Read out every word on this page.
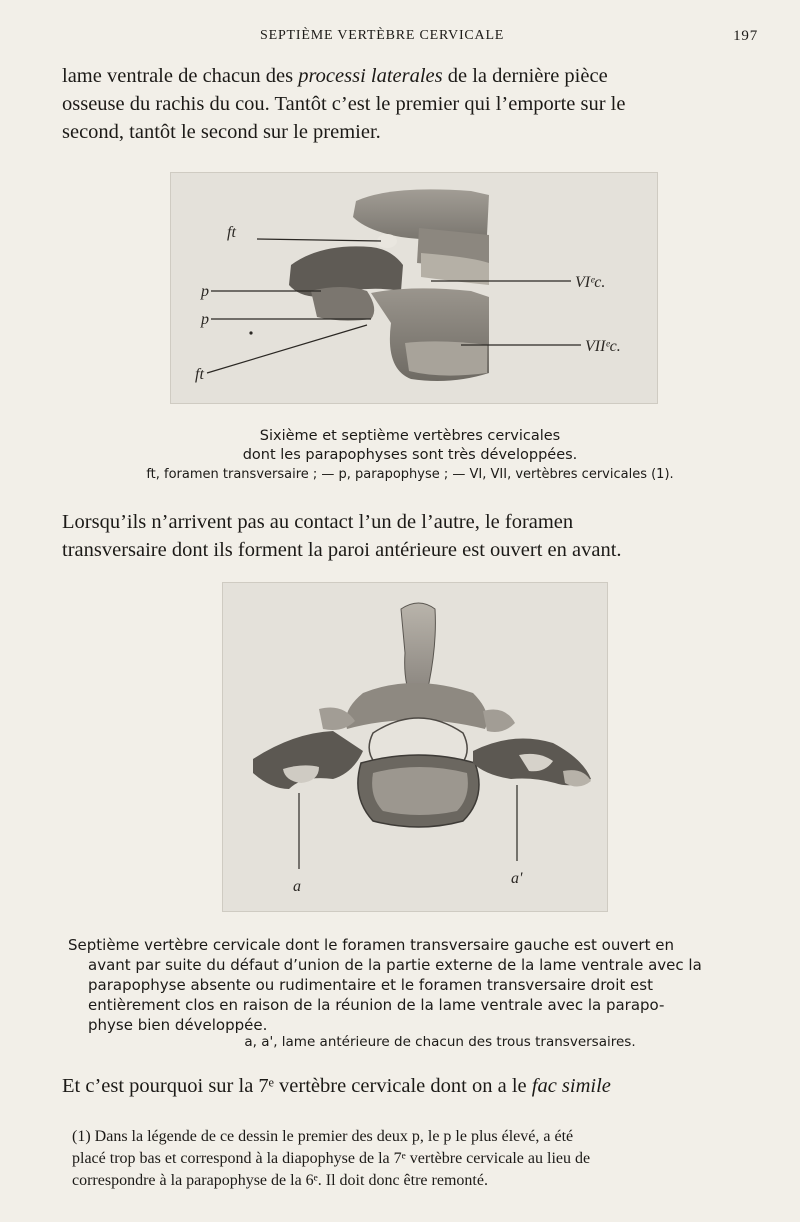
SEPTIÈME VERTÈBRE CERVICALE	197
lame ventrale de chacun des processi laterales de la dernière pièce
osseuse du rachis du cou. Tantôt c’est le premier qui l’emporte sur le
second, tantôt le second sur le premier.
ft
p
p
ft
VIᵉc.
VIIᵉc.
Sixième et septième vertèbres cervicales
dont les parapophyses sont très développées.
ft, foramen transversaire ; — p, parapophyse ; — VI, VII, vertèbres cervicales (1).
Lorsqu’ils n’arrivent pas au contact l’un de l’autre, le foramen
transversaire dont ils forment la paroi antérieure est ouvert en avant.
a	a'
Septième vertèbre cervicale dont le foramen transversaire gauche est ouvert en
avant par suite du défaut d’union de la partie externe de la lame ventrale avec la
parapophyse absente ou rudimentaire et le foramen transversaire droit est
entièrement clos en raison de la réunion de la lame ventrale avec la parapo-
physe bien développée.
a, a', lame antérieure de chacun des trous transversaires.
Et c’est pourquoi sur la 7ᵉ vertèbre cervicale dont on a le fac simile
(1) Dans la légende de ce dessin le premier des deux p, le p le plus élevé, a été
placé trop bas et correspond à la diapophyse de la 7ᵉ vertèbre cervicale au lieu de
correspondre à la parapophyse de la 6ᵉ. Il doit donc être remonté.
